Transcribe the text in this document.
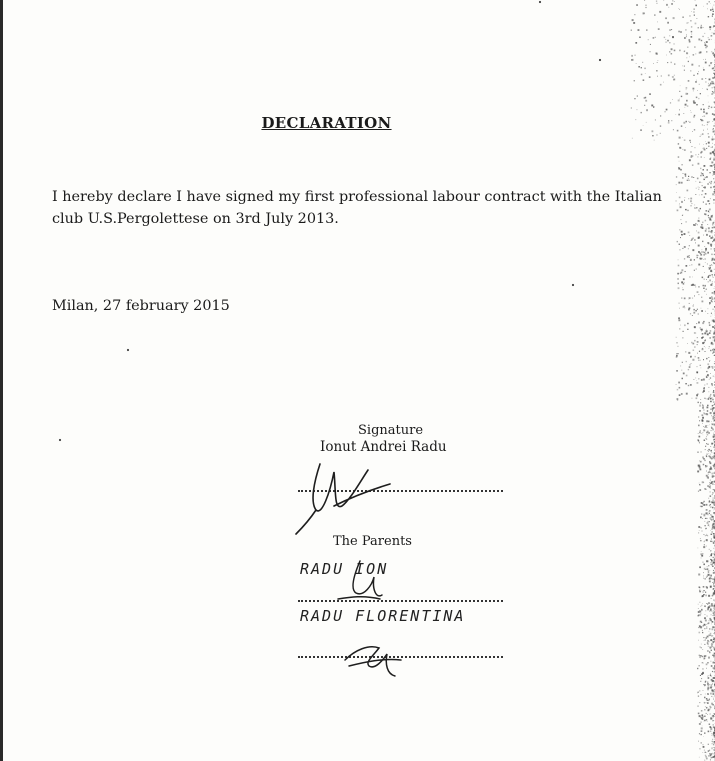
DECLARATION
I hereby declare I have signed my first professional labour contract with the Italian
club U.S.Pergolettese on 3rd July 2013.
Milan, 27 february 2015
Signature
Ionut Andrei Radu
The Parents
RADU ION
RADU FLORENTINA
